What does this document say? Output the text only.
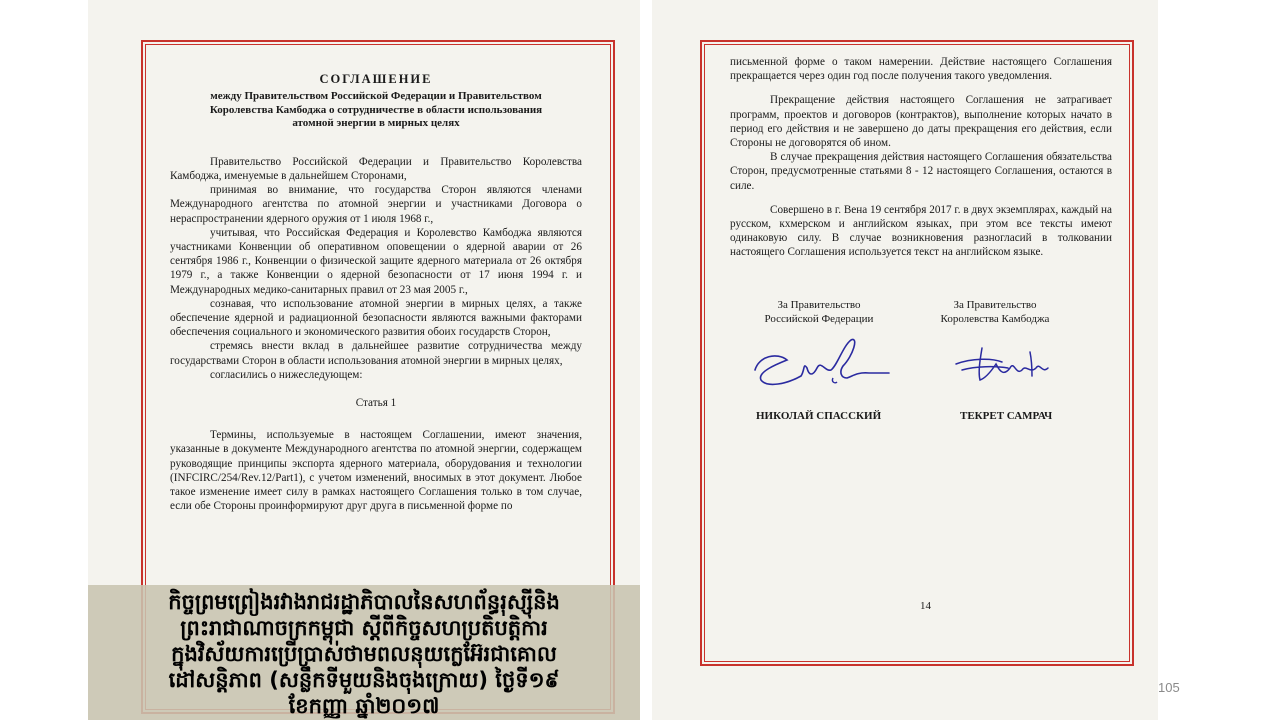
СОГЛАШЕНИЕ
между Правительством Российской Федерации и Правительством Королевства Камбоджа о сотрудничестве в области использования атомной энергии в мирных целях

Правительство Российской Федерации и Правительство Королевства Камбоджа, именуемые в дальнейшем Сторонами,

принимая во внимание, что государства Сторон являются членами Международного агентства по атомной энергии и участниками Договора о нераспространении ядерного оружия от 1 июля 1968 г.,

учитывая, что Российская Федерация и Королевство Камбоджа являются участниками Конвенции об оперативном оповещении о ядерной аварии от 26 сентября 1986 г., Конвенции о физической защите ядерного материала от 26 октября 1979 г., а также Конвенции о ядерной безопасности от 17 июня 1994 г. и Международных медико-санитарных правил от 23 мая 2005 г.,

сознавая, что использование атомной энергии в мирных целях, а также обеспечение ядерной и радиационной безопасности являются важными факторами обеспечения социального и экономического развития обоих государств Сторон,

стремясь внести вклад в дальнейшее развитие сотрудничества между государствами Сторон в области использования атомной энергии в мирных целях,

согласились о нижеследующем:

Статья 1

Термины, используемые в настоящем Соглашении, имеют значения, указанные в документе Международного агентства по атомной энергии, содержащем руководящие принципы экспорта ядерного материала, оборудования и технологии (INFCIRC/254/Rev.12/Part1), с учетом изменений, вносимых в этот документ. Любое такое изменение имеет силу в рамках настоящего Соглашения только в том случае, если обе Стороны проинформируют друг друга в письменной форме по

письменной форме о таком намерении. Действие настоящего Соглашения прекращается через один год после получения такого уведомления.

Прекращение действия настоящего Соглашения не затрагивает программ, проектов и договоров (контрактов), выполнение которых начато в период его действия и не завершено до даты прекращения его действия, если Стороны не договорятся об ином.

В случае прекращения действия настоящего Соглашения обязательства Сторон, предусмотренные статьями 8 - 12 настоящего Соглашения, остаются в силе.

Совершено в г. Вена 19 сентября 2017 г. в двух экземплярах, каждый на русском, кхмерском и английском языках, при этом все тексты имеют одинаковую силу. В случае возникновения разногласий в толковании настоящего Соглашения используется текст на английском языке.

За Правительство
Российской Федерации
За Правительство
Королевства Камбоджа
НИКОЛАЙ СПАССКИЙ	ТЕКРЕТ САМРАЧ
14
កិច្ចព្រមព្រៀងរវាងរាជរដ្ឋាភិបាលនៃសហព័ន្ធរុស្ស៊ីនិង
ព្រះរាជាណាចក្រកម្ពុជា ស្តីពីកិច្ចសហប្រតិបត្តិការ
ក្នុងវិស័យការប្រើប្រាស់ថាមពលនុយក្លេអ៊ែរជាគោល
ដៅសន្តិភាព (សន្លឹកទីមួយនិងចុងក្រោយ) ថ្ងៃទី១៩
ខែកញ្ញា ឆ្នាំ២០១៧
105
